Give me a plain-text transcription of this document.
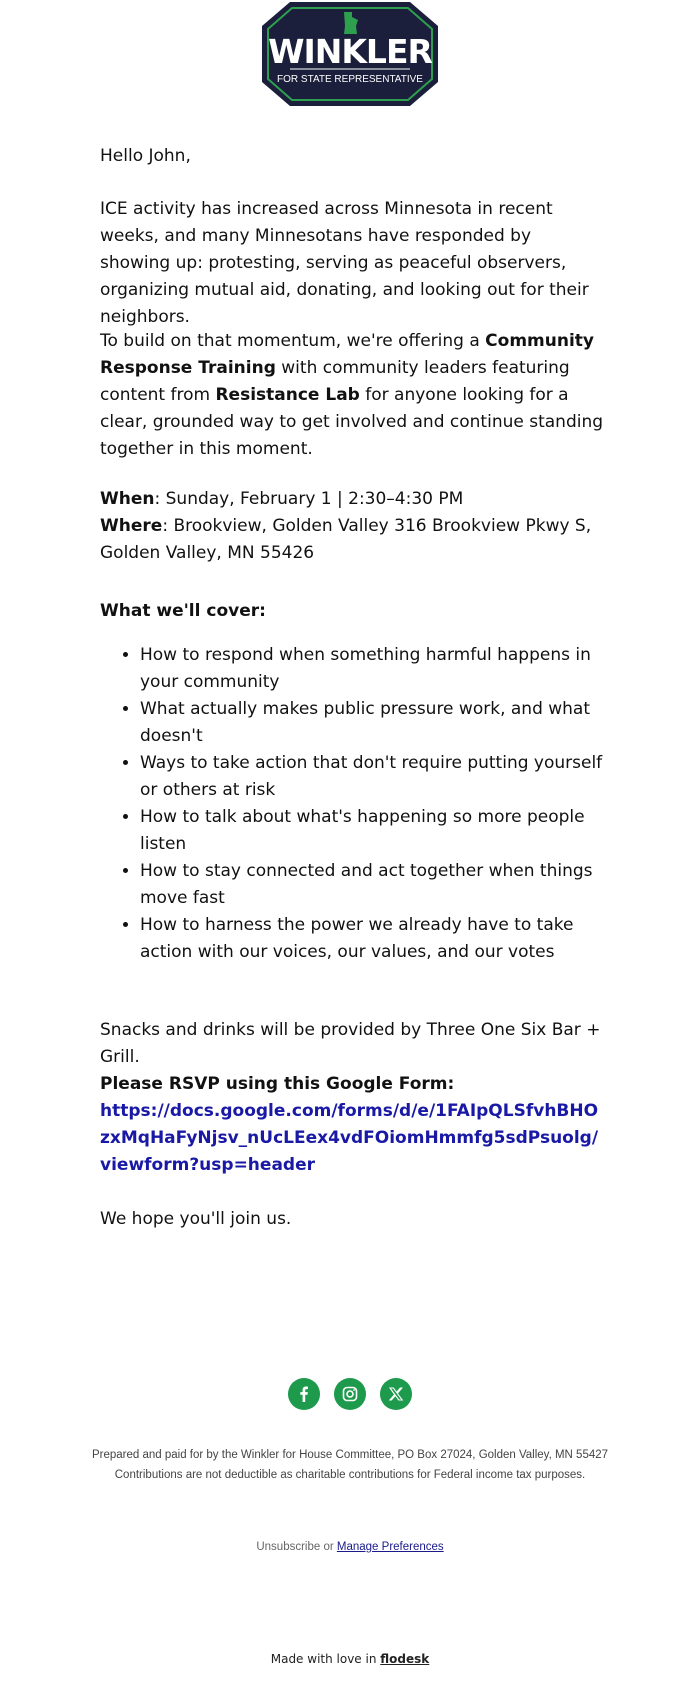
WINKLER
FOR STATE REPRESENTATIVE

Hello John,

ICE activity has increased across Minnesota in recent weeks, and many Minnesotans have responded by showing up: protesting, serving as peaceful observers, organizing mutual aid, donating, and looking out for their neighbors.

To build on that momentum, we're offering a Community Response Training with community leaders featuring content from Resistance Lab for anyone looking for a clear, grounded way to get involved and continue standing together in this moment.

When: Sunday, February 1 | 2:30–4:30 PM

Where: Brookview, Golden Valley 316 Brookview Pkwy S, Golden Valley, MN 55426

What we'll cover:

• How to respond when something harmful happens in your community
• What actually makes public pressure work, and what doesn't
• Ways to take action that don't require putting yourself or others at risk
• How to talk about what's happening so more people listen
• How to stay connected and act together when things move fast
• How to harness the power we already have to take action with our voices, our values, and our votes

Snacks and drinks will be provided by Three One Six Bar + Grill.

Please RSVP using this Google Form:

https://docs.google.com/forms/d/e/1FAIpQLSfvhBHOzxMqHaFyNjsv_nUcLEex4vdFOiomHmmfg5sdPsuolg/viewform?usp=header

We hope you'll join us.

Prepared and paid for by the Winkler for House Committee, PO Box 27024, Golden Valley, MN 55427
Contributions are not deductible as charitable contributions for Federal income tax purposes.
Unsubscribe or Manage Preferences
Made with love in flodesk
